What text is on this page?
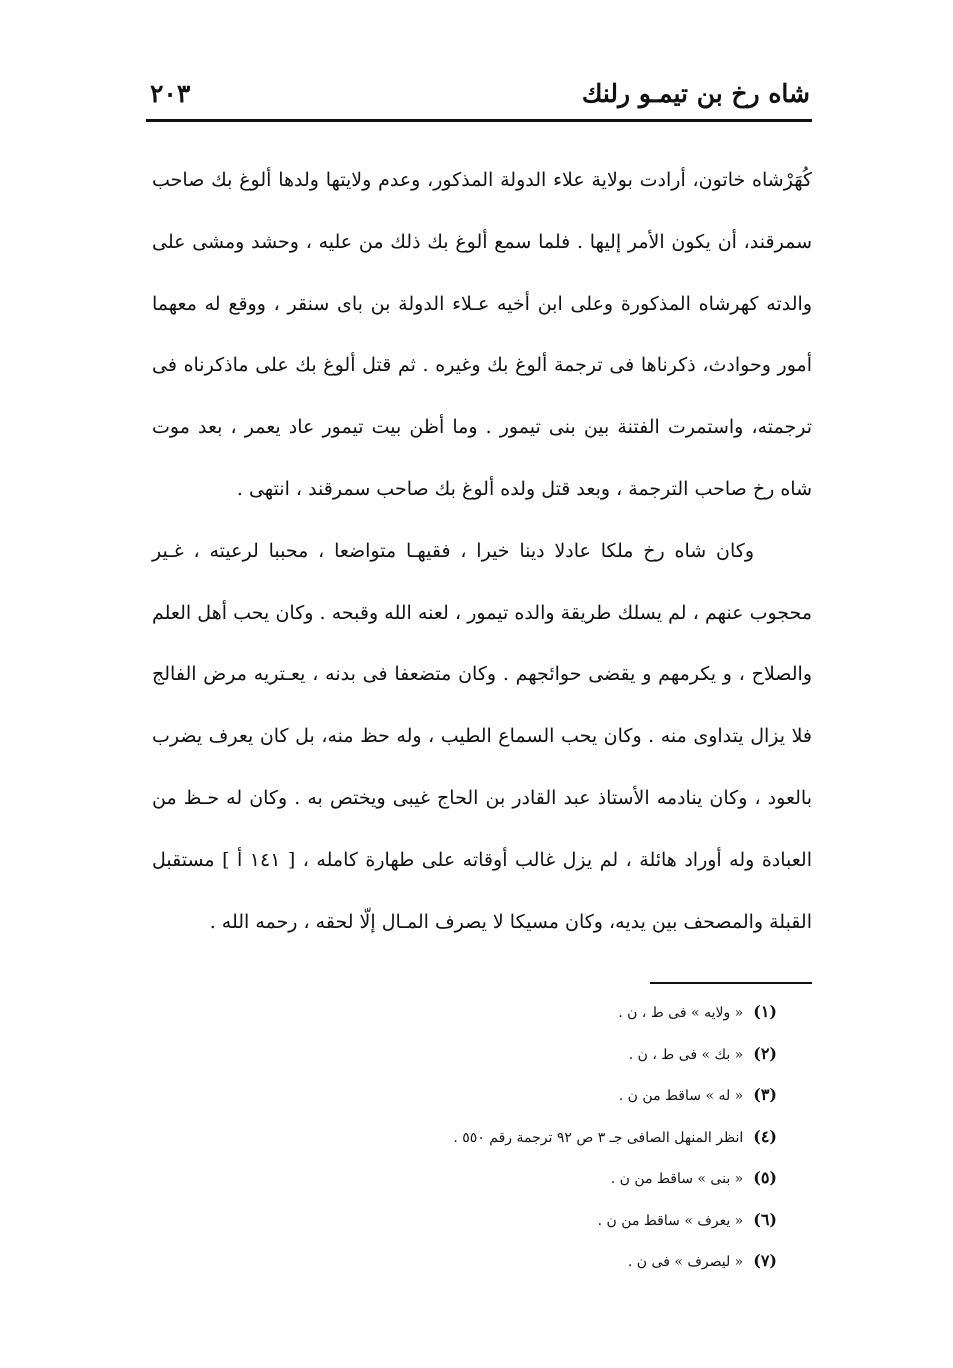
شاه رخ بن تيمـو رلنك
٢٠٣

كُهَرْشاه خاتون، أرادت بولاية علاء الدولة المذكور، وعدم ولايتها ولدها ألوغ بك صاحب سمرقند، أن يكون الأمر إليها . فلما سمع ألوغ بك ذلك من عليه ، وحشد ومشى على والدته كهرشاه المذكورة وعلى ابن أخيه عـلاء الدولة بن باى سنقر ، ووقع له معهما أمور وحوادث، ذكرناها فى ترجمة ألوغ بك وغيره . ثم قتل ألوغ بك على ماذكرناه فى ترجمته، واستمرت الفتنة بين بنى تيمور . وما أظن بيت تيمور عاد يعمر ، بعد موت شاه رخ صاحب الترجمة ، وبعد قتل ولده ألوغ بك صاحب سمرقند ، انتهى .

وكان شاه رخ ملكا عادلا دينا خيرا ، فقيهـا متواضعا ، محببا لرعيته ، غـير محجوب عنهم ، لم يسلك طريقة والده تيمور ، لعنه الله وقبحه . وكان يحب أهل العلم والصلاح ، و يكرمهم و يقضى حوائجهم . وكان متضعفا فى بدنه ، يعـتريه مرض الفالج فلا يزال يتداوى منه . وكان يحب السماع الطيب ، وله حظ منه، بل كان يعرف يضرب بالعود ، وكان ينادمه الأستاذ عبد القادر بن الحاج غيبى ويختص به . وكان له حـظ من العبادة وله أوراد هائلة ، لم يزل غالب أوقاته على طهارة كامله ، [ ١٤١ أ ] مستقبل القبلة والمصحف بين يديه، وكان مسيكا لا يصرف المـال إلّا لحقه ، رحمه الله .

(١)« ولايه » فى ط ، ن .
(٢)« بك » فى ط ، ن .
(٣)« له » ساقط من ن .
(٤)انظر المنهل الصافى جـ ٣ ص ٩٢ ترجمة رقم ٥٥٠ .
(٥)« بنى » ساقط من ن .
(٦)« يعرف » ساقط من ن .
(٧)« ليصرف » فى ن .
